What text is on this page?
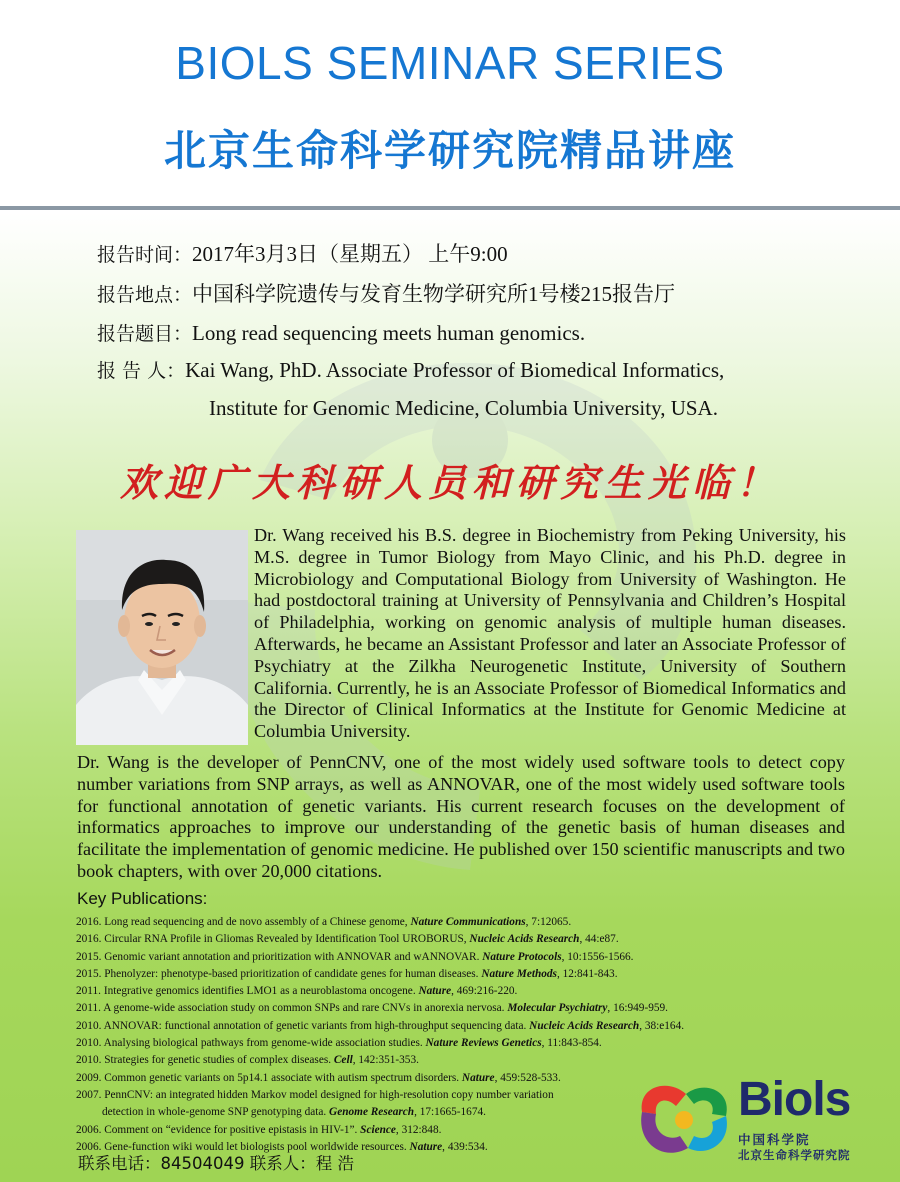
BIOLS SEMINAR SERIES
北京生命科学研究院精品讲座
报告时间：2017年3月3日（星期五） 上午9:00
报告地点：中国科学院遗传与发育生物学研究所1号楼215报告厅
报告题目：Long read sequencing meets human genomics.
报 告 人：Kai Wang, PhD. Associate Professor of Biomedical Informatics,
Institute for Genomic Medicine, Columbia University, USA.
欢迎广大科研人员和研究生光临！
Dr. Wang received his B.S. degree in Biochemistry from Peking University, his M.S. degree in Tumor Biology from Mayo Clinic, and his Ph.D. degree in Microbiology and Computational Biology from University of Washington. He had postdoctoral training at University of Pennsylvania and Children’s Hospital of Philadelphia, working on genomic analysis of multiple human diseases. Afterwards, he became an Assistant Professor and later an Associate Professor of Psychiatry at the Zilkha Neurogenetic Institute, University of Southern California. Currently, he is an Associate Professor of Biomedical Informatics and the Director of Clinical Informatics at the Institute for Genomic Medicine at Columbia University.
Dr. Wang is the developer of PennCNV, one of the most widely used software tools to detect copy number variations from SNP arrays, as well as ANNOVAR, one of the most widely used software tools for functional annotation of genetic variants. His current research focuses on the development of informatics approaches to improve our understanding of the genetic basis of human diseases and facilitate the implementation of genomic medicine. He published over 150 scientific manuscripts and two book chapters, with over 20,000 citations.
Key Publications:
2016. Long read sequencing and de novo assembly of a Chinese genome, Nature Communications, 7:12065.
2016. Circular RNA Profile in Gliomas Revealed by Identification Tool UROBORUS, Nucleic Acids Research, 44:e87.
2015. Genomic variant annotation and prioritization with ANNOVAR and wANNOVAR. Nature Protocols, 10:1556-1566.
2015. Phenolyzer: phenotype-based prioritization of candidate genes for human diseases. Nature Methods, 12:841-843.
2011. Integrative genomics identifies LMO1 as a neuroblastoma oncogene. Nature, 469:216-220.
2011. A genome-wide association study on common SNPs and rare CNVs in anorexia nervosa. Molecular Psychiatry, 16:949-959.
2010. ANNOVAR: functional annotation of genetic variants from high-throughput sequencing data. Nucleic Acids Research, 38:e164.
2010. Analysing biological pathways from genome-wide association studies. Nature Reviews Genetics, 11:843-854.
2010. Strategies for genetic studies of complex diseases. Cell, 142:351-353.
2009. Common genetic variants on 5p14.1 associate with autism spectrum disorders. Nature, 459:528-533.
2007. PennCNV: an integrated hidden Markov model designed for high-resolution copy number variation
detection in whole-genome SNP genotyping data. Genome Research, 17:1665-1674.
2006. Comment on “evidence for positive epistasis in HIV-1”. Science, 312:848.
2006. Gene-function wiki would let biologists pool worldwide resources. Nature, 439:534.
联系电话：84504049 联系人：程 浩
Biols
中国科学院
北京生命科学研究院
